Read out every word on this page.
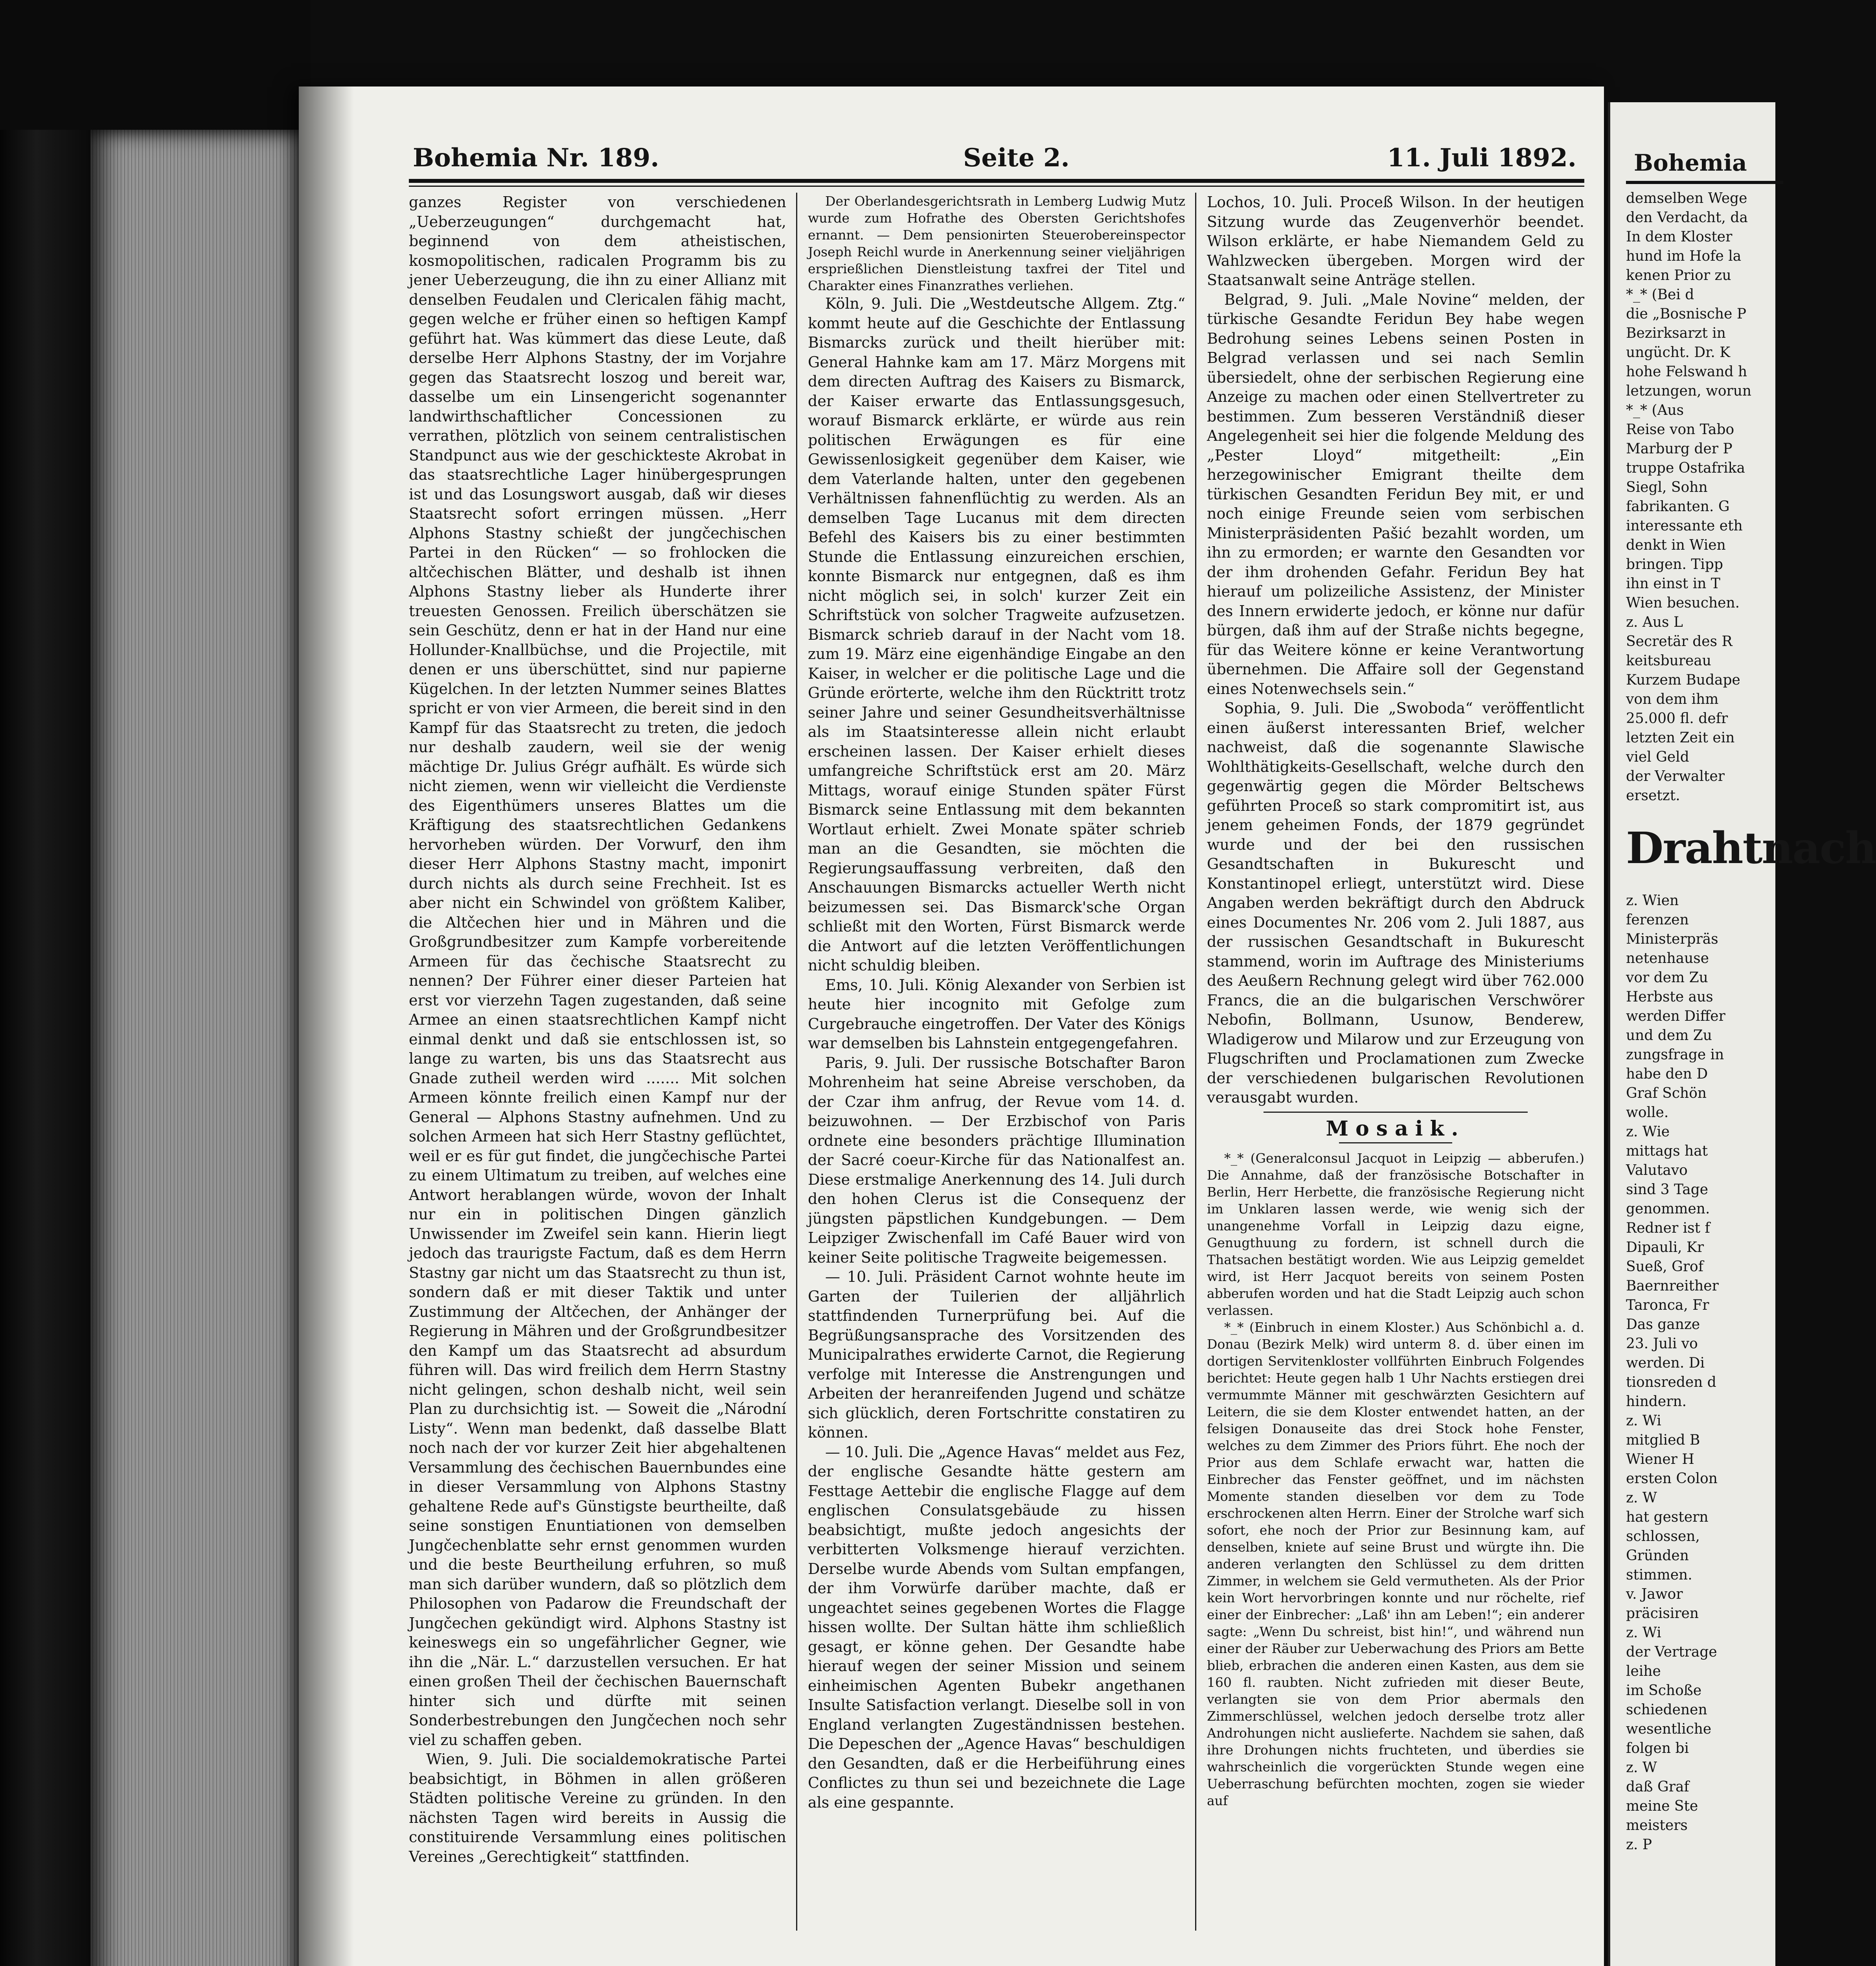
Bohemia Nr. 189.	Seite 2.	11. Juli 1892.

ganzes Register von verschiedenen „Ueberzeugungen“ durchgemacht hat, beginnend von dem atheistischen, kosmopolitischen, radicalen Programm bis zu jener Ueberzeugung, die ihn zu einer Allianz mit denselben Feudalen und Clericalen fähig macht, gegen welche er früher einen so heftigen Kampf geführt hat. Was kümmert das diese Leute, daß derselbe Herr Alphons Stastny, der im Vorjahre gegen das Staatsrecht loszog und bereit war, dasselbe um ein Linsengericht sogenannter landwirthschaftlicher Concessionen zu verrathen, plötzlich von seinem centralistischen Standpunct aus wie der geschickteste Akrobat in das staatsrechtliche Lager hinübergesprungen ist und das Losungswort ausgab, daß wir dieses Staatsrecht sofort erringen müssen. „Herr Alphons Stastny schießt der jungčechischen Partei in den Rücken“ — so frohlocken die altčechischen Blätter, und deshalb ist ihnen Alphons Stastny lieber als Hunderte ihrer treuesten Genossen. Freilich überschätzen sie sein Geschütz, denn er hat in der Hand nur eine Hollunder-Knallbüchse, und die Projectile, mit denen er uns überschüttet, sind nur papierne Kügelchen. In der letzten Nummer seines Blattes spricht er von vier Armeen, die bereit sind in den Kampf für das Staatsrecht zu treten, die jedoch nur deshalb zaudern, weil sie der wenig mächtige Dr. Julius Grégr aufhält. Es würde sich nicht ziemen, wenn wir vielleicht die Verdienste des Eigenthümers unseres Blattes um die Kräftigung des staatsrechtlichen Gedankens hervorheben würden. Der Vorwurf, den ihm dieser Herr Alphons Stastny macht, imponirt durch nichts als durch seine Frechheit. Ist es aber nicht ein Schwindel von größtem Kaliber, die Altčechen hier und in Mähren und die Großgrundbesitzer zum Kampfe vorbereitende Armeen für das čechische Staatsrecht zu nennen? Der Führer einer dieser Parteien hat erst vor vierzehn Tagen zugestanden, daß seine Armee an einen staatsrechtlichen Kampf nicht einmal denkt und daß sie entschlossen ist, so lange zu warten, bis uns das Staatsrecht aus Gnade zutheil werden wird ....... Mit solchen Armeen könnte freilich einen Kampf nur der General — Alphons Stastny aufnehmen. Und zu solchen Armeen hat sich Herr Stastny geflüchtet, weil er es für gut findet, die jungčechische Partei zu einem Ultimatum zu treiben, auf welches eine Antwort herablangen würde, wovon der Inhalt nur ein in politischen Dingen gänzlich Unwissender im Zweifel sein kann. Hierin liegt jedoch das traurigste Factum, daß es dem Herrn Stastny gar nicht um das Staatsrecht zu thun ist, sondern daß er mit dieser Taktik und unter Zustimmung der Altčechen, der Anhänger der Regierung in Mähren und der Großgrundbesitzer den Kampf um das Staatsrecht ad absurdum führen will. Das wird freilich dem Herrn Stastny nicht gelingen, schon deshalb nicht, weil sein Plan zu durchsichtig ist. — Soweit die „Národní Listy“. Wenn man bedenkt, daß dasselbe Blatt noch nach der vor kurzer Zeit hier abgehaltenen Versammlung des čechischen Bauernbundes eine in dieser Versammlung von Alphons Stastny gehaltene Rede auf's Günstigste beurtheilte, daß seine sonstigen Enuntiationen von demselben Jungčechenblatte sehr ernst genommen wurden und die beste Beurtheilung erfuhren, so muß man sich darüber wundern, daß so plötzlich dem Philosophen von Padarow die Freundschaft der Jungčechen gekündigt wird. Alphons Stastny ist keineswegs ein so ungefährlicher Gegner, wie ihn die „När. L.“ darzustellen versuchen. Er hat einen großen Theil der čechischen Bauernschaft hinter sich und dürfte mit seinen Sonderbestrebungen den Jungčechen noch sehr viel zu schaffen geben.

Wien, 9. Juli. Die socialdemokratische Partei beabsichtigt, in Böhmen in allen größeren Städten politische Vereine zu gründen. In den nächsten Tagen wird bereits in Aussig die constituirende Versammlung eines politischen Vereines „Gerechtigkeit“ stattfinden.

Der Oberlandesgerichtsrath in Lemberg Ludwig Mutz wurde zum Hofrathe des Obersten Gerichtshofes ernannt. — Dem pensionirten Steuerobereinspector Joseph Reichl wurde in Anerkennung seiner vieljährigen ersprießlichen Dienstleistung taxfrei der Titel und Charakter eines Finanzrathes verliehen.

Köln, 9. Juli. Die „Westdeutsche Allgem. Ztg.“ kommt heute auf die Geschichte der Entlassung Bismarcks zurück und theilt hierüber mit: General Hahnke kam am 17. März Morgens mit dem directen Auftrag des Kaisers zu Bismarck, der Kaiser erwarte das Entlassungsgesuch, worauf Bismarck erklärte, er würde aus rein politischen Erwägungen es für eine Gewissenlosigkeit gegenüber dem Kaiser, wie dem Vaterlande halten, unter den gegebenen Verhältnissen fahnenflüchtig zu werden. Als an demselben Tage Lucanus mit dem directen Befehl des Kaisers bis zu einer bestimmten Stunde die Entlassung einzureichen erschien, konnte Bismarck nur entgegnen, daß es ihm nicht möglich sei, in solch' kurzer Zeit ein Schriftstück von solcher Tragweite aufzusetzen. Bismarck schrieb darauf in der Nacht vom 18. zum 19. März eine eigenhändige Eingabe an den Kaiser, in welcher er die politische Lage und die Gründe erörterte, welche ihm den Rücktritt trotz seiner Jahre und seiner Gesundheitsverhältnisse als im Staatsinteresse allein nicht erlaubt erscheinen lassen. Der Kaiser erhielt dieses umfangreiche Schriftstück erst am 20. März Mittags, worauf einige Stunden später Fürst Bismarck seine Entlassung mit dem bekannten Wortlaut erhielt. Zwei Monate später schrieb man an die Gesandten, sie möchten die Regierungsauffassung verbreiten, daß den Anschauungen Bismarcks actueller Werth nicht beizumessen sei. Das Bismarck'sche Organ schließt mit den Worten, Fürst Bismarck werde die Antwort auf die letzten Veröffentlichungen nicht schuldig bleiben.

Ems, 10. Juli. König Alexander von Serbien ist heute hier incognito mit Gefolge zum Curgebrauche eingetroffen. Der Vater des Königs war demselben bis Lahnstein entgegengefahren.

Paris, 9. Juli. Der russische Botschafter Baron Mohrenheim hat seine Abreise verschoben, da der Czar ihm anfrug, der Revue vom 14. d. beizuwohnen. — Der Erzbischof von Paris ordnete eine besonders prächtige Illumination der Sacré coeur-Kirche für das Nationalfest an. Diese erstmalige Anerkennung des 14. Juli durch den hohen Clerus ist die Consequenz der jüngsten päpstlichen Kundgebungen. — Dem Leipziger Zwischenfall im Café Bauer wird von keiner Seite politische Tragweite beigemessen.

— 10. Juli. Präsident Carnot wohnte heute im Garten der Tuilerien der alljährlich stattfindenden Turnerprüfung bei. Auf die Begrüßungsansprache des Vorsitzenden des Municipalrathes erwiderte Carnot, die Regierung verfolge mit Interesse die Anstrengungen und Arbeiten der heranreifenden Jugend und schätze sich glücklich, deren Fortschritte constatiren zu können.

— 10. Juli. Die „Agence Havas“ meldet aus Fez, der englische Gesandte hätte gestern am Festtage Aettebir die englische Flagge auf dem englischen Consulatsgebäude zu hissen beabsichtigt, mußte jedoch angesichts der verbitterten Volksmenge hierauf verzichten. Derselbe wurde Abends vom Sultan empfangen, der ihm Vorwürfe darüber machte, daß er ungeachtet seines gegebenen Wortes die Flagge hissen wollte. Der Sultan hätte ihm schließlich gesagt, er könne gehen. Der Gesandte habe hierauf wegen der seiner Mission und seinem einheimischen Agenten Bubekr angethanen Insulte Satisfaction verlangt. Dieselbe soll in von England verlangten Zugeständnissen bestehen. Die Depeschen der „Agence Havas“ beschuldigen den Gesandten, daß er die Herbeiführung eines Conflictes zu thun sei und bezeichnete die Lage als eine gespannte.

Lochos, 10. Juli. Proceß Wilson. In der heutigen Sitzung wurde das Zeugenverhör beendet. Wilson erklärte, er habe Niemandem Geld zu Wahlzwecken übergeben. Morgen wird der Staatsanwalt seine Anträge stellen.

Belgrad, 9. Juli. „Male Novine“ melden, der türkische Gesandte Feridun Bey habe wegen Bedrohung seines Lebens seinen Posten in Belgrad verlassen und sei nach Semlin übersiedelt, ohne der serbischen Regierung eine Anzeige zu machen oder einen Stellvertreter zu bestimmen. Zum besseren Verständniß dieser Angelegenheit sei hier die folgende Meldung des „Pester Lloyd“ mitgetheilt: „Ein herzegowinischer Emigrant theilte dem türkischen Gesandten Feridun Bey mit, er und noch einige Freunde seien vom serbischen Ministerpräsidenten Pašić bezahlt worden, um ihn zu ermorden; er warnte den Gesandten vor der ihm drohenden Gefahr. Feridun Bey hat hierauf um polizeiliche Assistenz, der Minister des Innern erwiderte jedoch, er könne nur dafür bürgen, daß ihm auf der Straße nichts begegne, für das Weitere könne er keine Verantwortung übernehmen. Die Affaire soll der Gegenstand eines Notenwechsels sein.“

Sophia, 9. Juli. Die „Swoboda“ veröffentlicht einen äußerst interessanten Brief, welcher nachweist, daß die sogenannte Slawische Wohlthätigkeits-Gesellschaft, welche durch den gegenwärtig gegen die Mörder Beltschews geführten Proceß so stark compromitirt ist, aus jenem geheimen Fonds, der 1879 gegründet wurde und der bei den russischen Gesandtschaften in Bukurescht und Konstantinopel erliegt, unterstützt wird. Diese Angaben werden bekräftigt durch den Abdruck eines Documentes Nr. 206 vom 2. Juli 1887, aus der russischen Gesandtschaft in Bukurescht stammend, worin im Auftrage des Ministeriums des Aeußern Rechnung gelegt wird über 762.000 Francs, die an die bulgarischen Verschwörer Nebofin, Bollmann, Usunow, Benderew, Wladigerow und Milarow und zur Erzeugung von Flugschriften und Proclamationen zum Zwecke der verschiedenen bulgarischen Revolutionen verausgabt wurden.

Mosaik.

*_* (Generalconsul Jacquot in Leipzig — abberufen.) Die Annahme, daß der französische Botschafter in Berlin, Herr Herbette, die französische Regierung nicht im Unklaren lassen werde, wie wenig sich der unangenehme Vorfall in Leipzig dazu eigne, Genugthuung zu fordern, ist schnell durch die Thatsachen bestätigt worden. Wie aus Leipzig gemeldet wird, ist Herr Jacquot bereits von seinem Posten abberufen worden und hat die Stadt Leipzig auch schon verlassen.

*_* (Einbruch in einem Kloster.) Aus Schönbichl a. d. Donau (Bezirk Melk) wird unterm 8. d. über einen im dortigen Servitenkloster vollführten Einbruch Folgendes berichtet: Heute gegen halb 1 Uhr Nachts erstiegen drei vermummte Männer mit geschwärzten Gesichtern auf Leitern, die sie dem Kloster entwendet hatten, an der felsigen Donauseite das drei Stock hohe Fenster, welches zu dem Zimmer des Priors führt. Ehe noch der Prior aus dem Schlafe erwacht war, hatten die Einbrecher das Fenster geöffnet, und im nächsten Momente standen dieselben vor dem zu Tode erschrockenen alten Herrn. Einer der Strolche warf sich sofort, ehe noch der Prior zur Besinnung kam, auf denselben, kniete auf seine Brust und würgte ihn. Die anderen verlangten den Schlüssel zu dem dritten Zimmer, in welchem sie Geld vermutheten. Als der Prior kein Wort hervorbringen konnte und nur röchelte, rief einer der Einbrecher: „Laß' ihn am Leben!“; ein anderer sagte: „Wenn Du schreist, bist hin!“, und während nun einer der Räuber zur Ueberwachung des Priors am Bette blieb, erbrachen die anderen einen Kasten, aus dem sie 160 fl. raubten. Nicht zufrieden mit dieser Beute, verlangten sie von dem Prior abermals den Zimmerschlüssel, welchen jedoch derselbe trotz aller Androhungen nicht auslieferte. Nachdem sie sahen, daß ihre Drohungen nichts fruchteten, und überdies sie wahrscheinlich die vorgerückten Stunde wegen eine Ueberraschung befürchten mochten, zogen sie wieder auf

Bohemia
demselben Wege
den Verdacht, da
In dem Kloster
hund im Hofe la
kenen Prior zu
*_* (Bei d
die „Bosnische P
Bezirksarzt in
ungücht. Dr. K
hohe Felswand h
letzungen, worun
*_* (Aus
Reise von Tabo
Marburg der P
truppe Ostafrika
Siegl, Sohn
fabrikanten. G
interessante eth
denkt in Wien
bringen. Tipp
ihn einst in T
Wien besuchen.
z. Aus L
Secretär des R
keitsbureau
Kurzem Budape
von dem ihm
25.000 fl. defr
letzten Zeit ein
viel Geld
der Verwalter
ersetzt.

Drahtnach

z. Wien
ferenzen
Ministerpräs
netenhause
vor dem Zu
Herbste aus
werden Differ
und dem Zu
zungsfrage in
habe den D
Graf Schön
wolle.
z. Wie
mittags hat
Valutavo
sind 3 Tage
genommen.
Redner ist f
Dipauli, Kr
Sueß, Grof
Baernreither
Taronca, Fr
Das ganze
23. Juli vo
werden. Di
tionsreden d
hindern.
z. Wi
mitglied B
Wiener H
ersten Colon
z. W
hat gestern
schlossen,
Gründen
stimmen.
v. Jawor
präcisiren
z. Wi
der Vertrage
leihe
im Schoße
schiedenen
wesentliche
folgen bi
z. W
daß Graf
meine Ste
meisters
z. P
